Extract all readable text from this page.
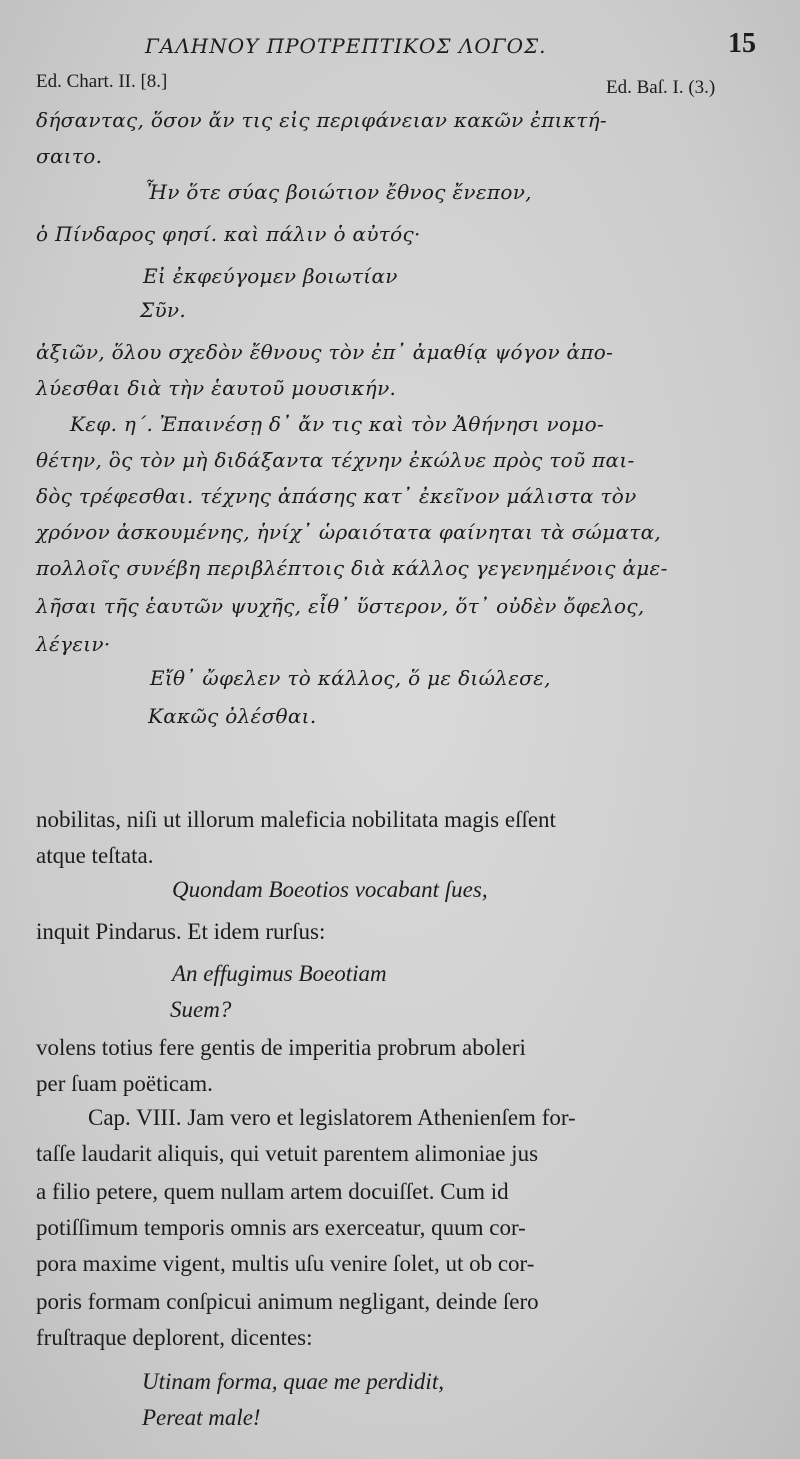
ΓΑΛΗΝΟΥ ΠΡΟΤΡΕΠΤΙΚΟΣ ΛΟΓΟΣ.	15
Ed. Chart. II. [8.]	Ed. Baſ. I. (3.)
δήσαντας, ὅσον ἄν τις εἰς περιφάνειαν κακῶν ἐπικτή-
σαιτο.
Ἦν ὅτε σύας βοιώτιον ἔθνος ἔνεπον,
ὁ Πίνδαρος φησί. καὶ πάλιν ὁ αὐτός·
Εἰ ἐκφεύγομεν βοιωτίαν
Σῦν.
ἀξιῶν, ὅλου σχεδὸν ἔθνους τὸν ἐπ᾽ ἀμαθίᾳ ψόγον ἀπο-
λύεσθαι διὰ τὴν ἑαυτοῦ μουσικήν.
Κεφ. η΄. Ἐπαινέσῃ δ᾽ ἄν τις καὶ τὸν Ἀθήνησι νομο-
θέτην, ὃς τὸν μὴ διδάξαντα τέχνην ἐκώλυε πρὸς τοῦ παι-
δὸς τρέφεσθαι. τέχνης ἁπάσης κατ᾽ ἐκεῖνον μάλιστα τὸν
χρόνον ἀσκουμένης, ἡνίχ᾽ ὡραιότατα φαίνηται τὰ σώματα,
πολλοῖς συνέβη περιβλέπτοις διὰ κάλλος γεγενημένοις ἀμε-
λῆσαι τῆς ἑαυτῶν ψυχῆς, εἶθ᾽ ὕστερον, ὅτ᾽ οὐδὲν ὄφελος,
λέγειν·
Εἴθ᾽ ὤφελεν τὸ κάλλος, ὅ με διώλεσε,
Κακῶς ὀλέσθαι.
nobilitas, niſi ut illorum maleficia nobilitata magis eſſent
atque teſtata.
Quondam Boeotios vocabant ſues,
inquit Pindarus. Et idem rurſus:
An effugimus Boeotiam
Suem?
volens totius fere gentis de imperitia probrum aboleri
per ſuam poëticam.
Cap. VIII. Jam vero et legislatorem Athenienſem for-
taſſe laudarit aliquis, qui vetuit parentem alimoniae jus
a filio petere, quem nullam artem docuiſſet. Cum id
potiſſimum temporis omnis ars exerceatur, quum cor-
pora maxime vigent, multis uſu venire ſolet, ut ob cor-
poris formam conſpicui animum negligant, deinde ſero
fruſtraque deplorent, dicentes:
Utinam forma, quae me perdidit,
Pereat male!
